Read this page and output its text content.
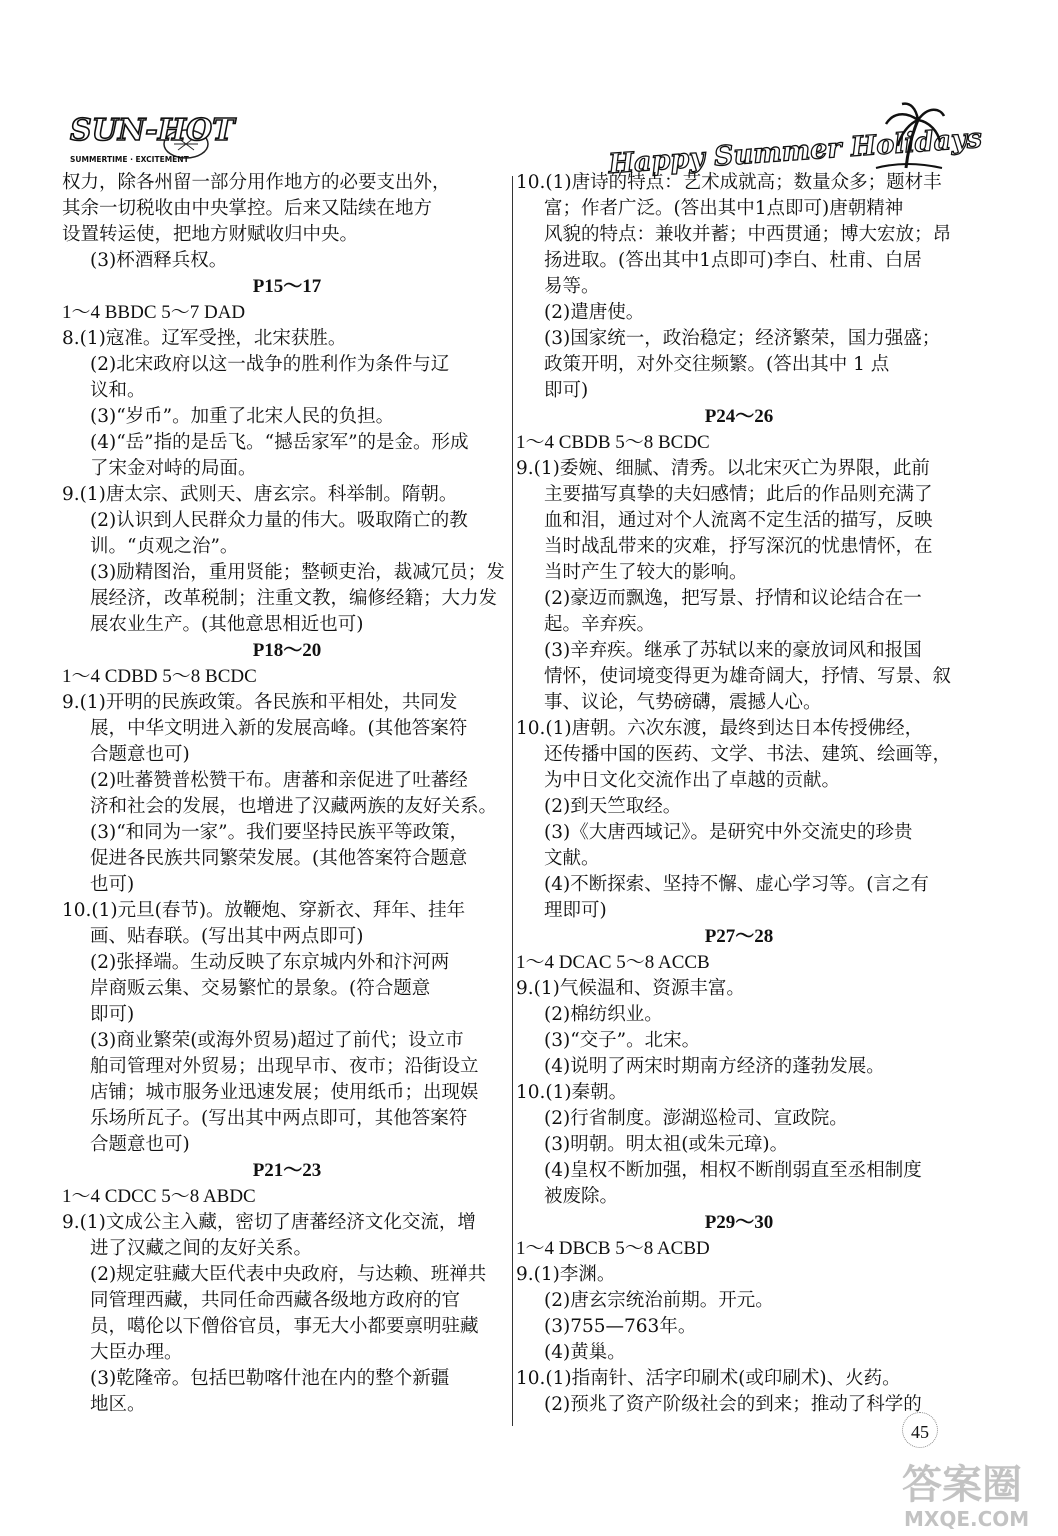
SUN-HOT
SUMMERTIME · EXCITEMENT	Happy Summer Holidays
权力，除各州留一部分用作地方的必要支出外，
其余一切税收由中央掌控。后来又陆续在地方
设置转运使，把地方财赋收归中央。
(3)杯酒释兵权。
P15～17
1～4 BBDC 5～7 DAD
8.(1)寇准。辽军受挫，北宋获胜。
(2)北宋政府以这一战争的胜利作为条件与辽
议和。
(3)“岁币”。加重了北宋人民的负担。
(4)“岳”指的是岳飞。“撼岳家军”的是金。形成
了宋金对峙的局面。
9.(1)唐太宗、武则天、唐玄宗。科举制。隋朝。
(2)认识到人民群众力量的伟大。吸取隋亡的教
训。“贞观之治”。
(3)励精图治，重用贤能；整顿吏治，裁减冗员；发
展经济，改革税制；注重文教，编修经籍；大力发
展农业生产。(其他意思相近也可)
P18～20
1～4 CDBD 5～8 BCDC
9.(1)开明的民族政策。各民族和平相处，共同发
展，中华文明进入新的发展高峰。(其他答案符
合题意也可)
(2)吐蕃赞普松赞干布。唐蕃和亲促进了吐蕃经
济和社会的发展，也增进了汉藏两族的友好关系。
(3)“和同为一家”。我们要坚持民族平等政策，
促进各民族共同繁荣发展。(其他答案符合题意
也可)
10.(1)元旦(春节)。放鞭炮、穿新衣、拜年、挂年
画、贴春联。(写出其中两点即可)
(2)张择端。生动反映了东京城内外和汴河两
岸商贩云集、交易繁忙的景象。(符合题意
即可)
(3)商业繁荣(或海外贸易)超过了前代；设立市
舶司管理对外贸易；出现早市、夜市；沿街设立
店铺；城市服务业迅速发展；使用纸币；出现娱
乐场所瓦子。(写出其中两点即可，其他答案符
合题意也可)
P21～23
1～4 CDCC 5～8 ABDC
9.(1)文成公主入藏，密切了唐蕃经济文化交流，增
进了汉藏之间的友好关系。
(2)规定驻藏大臣代表中央政府，与达赖、班禅共
同管理西藏，共同任命西藏各级地方政府的官
员，噶伦以下僧俗官员，事无大小都要禀明驻藏
大臣办理。
(3)乾隆帝。包括巴勒喀什池在内的整个新疆
地区。
10.(1)唐诗的特点：艺术成就高；数量众多；题材丰
富；作者广泛。(答出其中1点即可)唐朝精神
风貌的特点：兼收并蓄；中西贯通；博大宏放；昂
扬进取。(答出其中1点即可)李白、杜甫、白居
易等。
(2)遣唐使。
(3)国家统一，政治稳定；经济繁荣，国力强盛；
政策开明，对外交往频繁。(答出其中 1 点
即可)
P24～26
1～4 CBDB 5～8 BCDC
9.(1)委婉、细腻、清秀。以北宋灭亡为界限，此前
主要描写真挚的夫妇感情；此后的作品则充满了
血和泪，通过对个人流离不定生活的描写，反映
当时战乱带来的灾难，抒写深沉的忧患情怀，在
当时产生了较大的影响。
(2)豪迈而飘逸，把写景、抒情和议论结合在一
起。辛弃疾。
(3)辛弃疾。继承了苏轼以来的豪放词风和报国
情怀，使词境变得更为雄奇阔大，抒情、写景、叙
事、议论，气势磅礴，震撼人心。
10.(1)唐朝。六次东渡，最终到达日本传授佛经，
还传播中国的医药、文学、书法、建筑、绘画等，
为中日文化交流作出了卓越的贡献。
(2)到天竺取经。
(3)《大唐西域记》。是研究中外交流史的珍贵
文献。
(4)不断探索、坚持不懈、虚心学习等。(言之有
理即可)
P27～28
1～4 DCAC 5～8 ACCB
9.(1)气候温和、资源丰富。
(2)棉纺织业。
(3)“交子”。北宋。
(4)说明了两宋时期南方经济的蓬勃发展。
10.(1)秦朝。
(2)行省制度。澎湖巡检司、宣政院。
(3)明朝。明太祖(或朱元璋)。
(4)皇权不断加强，相权不断削弱直至丞相制度
被废除。
P29～30
1～4 DBCB 5～8 ACBD
9.(1)李渊。
(2)唐玄宗统治前期。开元。
(3)755—763年。
(4)黄巢。
10.(1)指南针、活字印刷术(或印刷术)、火药。
(2)预兆了资产阶级社会的到来；推动了科学的
45
答案圈
MXQE.COM
